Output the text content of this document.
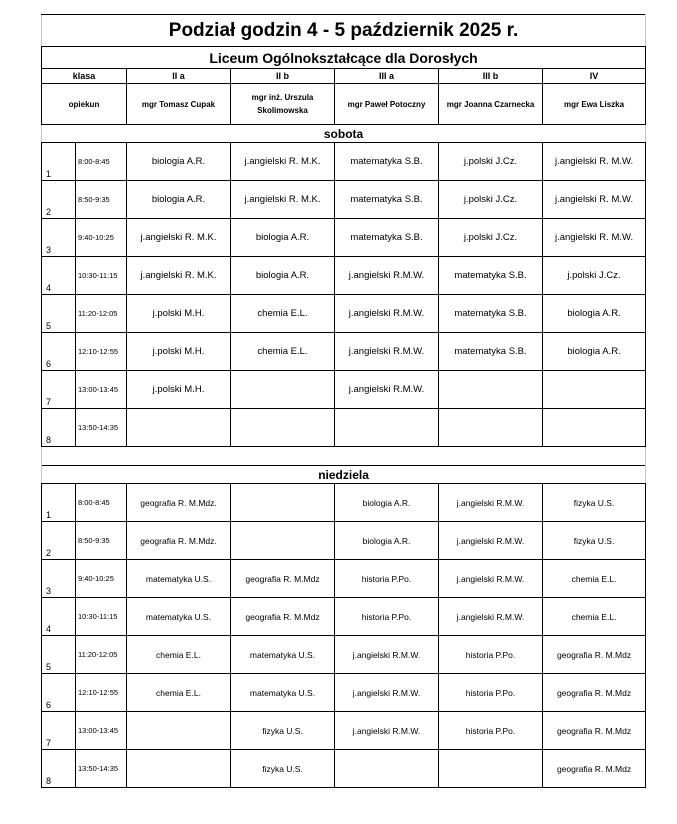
Podział godzin 4 - 5 październik 2025 r.						
Liceum Ogólnokształcące dla Dorosłych						
klasa		II a	II b	III a	III b	IV
opiekun		mgr Tomasz Cupak	mgr inż. Urszula Skolimowska	mgr Paweł Potoczny	mgr Joanna Czarnecka	mgr Ewa Liszka
sobota						
1	8:00-8:45	biologia A.R.	j.angielski R. M.K.	matematyka S.B.	j.polski J.Cz.	j.angielski R. M.W.
2	8:50-9:35	biologia A.R.	j.angielski R. M.K.	matematyka S.B.	j.polski J.Cz.	j.angielski R. M.W.
3	9:40-10:25	j.angielski R. M.K.	biologia A.R.	matematyka S.B.	j.polski J.Cz.	j.angielski R. M.W.
4	10:30-11:15	j.angielski R. M.K.	biologia A.R.	j.angielski R.M.W.	matematyka S.B.	j.polski J.Cz.
5	11:20-12:05	j.polski M.H.	chemia E.L.	j.angielski R.M.W.	matematyka S.B.	biologia A.R.
6	12:10-12:55	j.polski M.H.	chemia E.L.	j.angielski R.M.W.	matematyka S.B.	biologia A.R.
7	13:00-13:45	j.polski M.H.		j.angielski R.M.W.		
8	13:50-14:35					

niedziela						
1	8:00-8:45	geografia R. M.Mdz.		biologia A.R.	j.angielski R.M.W.	fizyka U.S.
2	8:50-9:35	geografia R. M.Mdz.		biologia A.R.	j.angielski R.M.W.	fizyka U.S.
3	9:40-10:25	matematyka U.S.	geografia R. M.Mdz	historia P.Po.	j.angielski R.M.W.	chemia E.L.
4	10:30-11:15	matematyka U.S.	geografia R. M.Mdz	historia P.Po.	j.angielski R.M.W.	chemia E.L.
5	11:20-12:05	chemia E.L.	matematyka U.S.	j.angielski R.M.W.	historia P.Po.	geografia R. M.Mdz
6	12:10-12:55	chemia E.L.	matematyka U.S.	j.angielski R.M.W.	historia P.Po.	geografia R. M.Mdz
7	13:00-13:45		fizyka U.S.	j.angielski R.M.W.	historia P.Po.	geografia R. M.Mdz
8	13:50-14:35		fizyka U.S.			geografia R. M.Mdz
